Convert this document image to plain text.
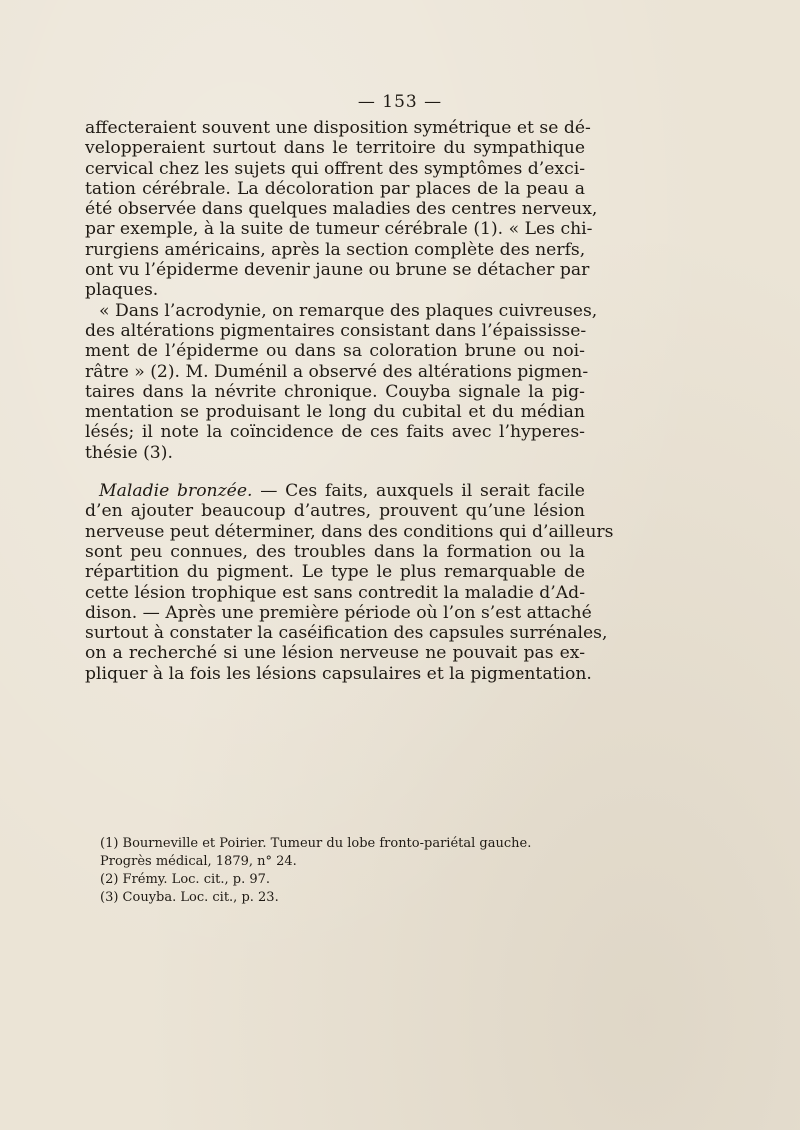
— 153 —
affecteraient souvent une disposition symétrique et se dé-
velopperaient surtout dans le territoire du sympathique
cervical chez les sujets qui offrent des symptômes d’exci-
tation cérébrale. La décoloration par places de la peau a
été observée dans quelques maladies des centres nerveux,
par exemple, à la suite de tumeur cérébrale (1). « Les chi-
rurgiens américains, après la section complète des nerfs,
ont vu l’épiderme devenir jaune ou brune se détacher par
plaques.
« Dans l’acrodynie, on remarque des plaques cuivreuses,
des altérations pigmentaires consistant dans l’épaississe-
ment de l’épiderme ou dans sa coloration brune ou noi-
râtre » (2). M. Duménil a observé des altérations pigmen-
taires dans la névrite chronique. Couyba signale la pig-
mentation se produisant le long du cubital et du médian
lésés; il note la coïncidence de ces faits avec l’hyperes-
thésie (3).
Maladie bronzée. — Ces faits, auxquels il serait facile
d’en ajouter beaucoup d’autres, prouvent qu’une lésion
nerveuse peut déterminer, dans des conditions qui d’ailleurs
sont peu connues, des troubles dans la formation ou la
répartition du pigment. Le type le plus remarquable de
cette lésion trophique est sans contredit la maladie d’Ad-
dison. — Après une première période où l’on s’est attaché
surtout à constater la caséification des capsules surrénales,
on a recherché si une lésion nerveuse ne pouvait pas ex-
pliquer à la fois les lésions capsulaires et la pigmentation.
(1) Bourneville et Poirier. Tumeur du lobe fronto-pariétal gauche.
Progrès médical, 1879, n° 24.
(2) Frémy. Loc. cit., p. 97.
(3) Couyba. Loc. cit., p. 23.
